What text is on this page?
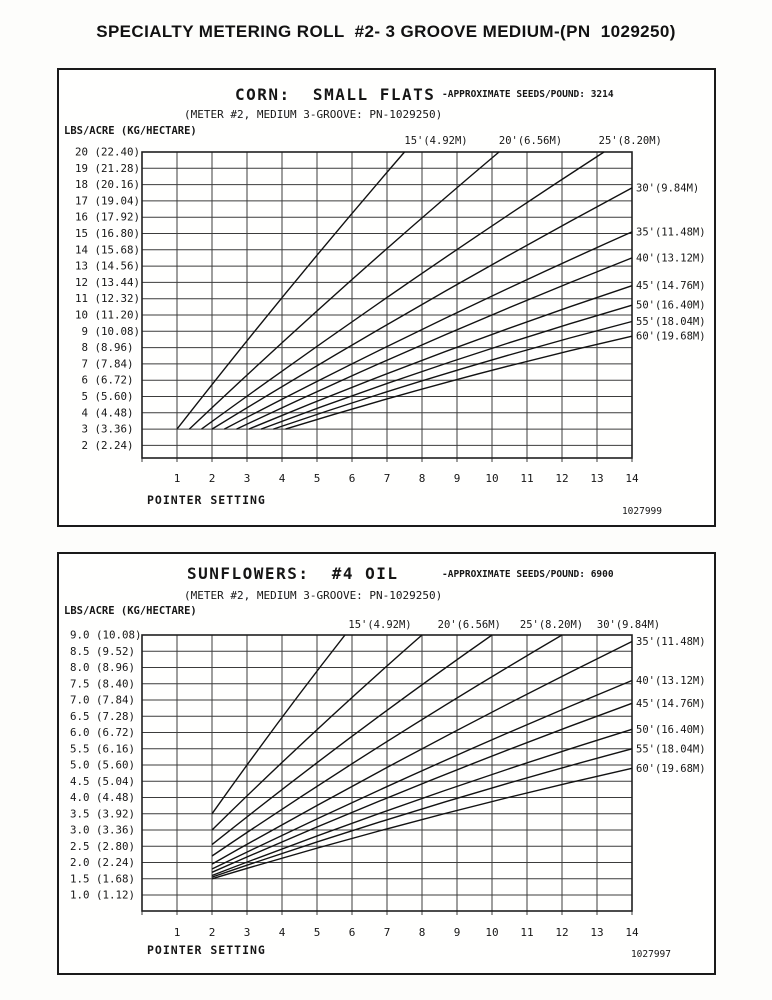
SPECIALTY METERING ROLL  #2- 3 GROOVE MEDIUM-(PN  1029250)
15'(4.92M)	20'(6.56M)	25'(8.20M)
30'(9.84M)
35'(11.48M)
40'(13.12M)
45'(14.76M)
50'(16.40M)
55'(18.04M)
60'(19.68M)
20 (22.40)
19 (21.28)
18 (20.16)
17 (19.04)
16 (17.92)
15 (16.80)
14 (15.68)
13 (14.56)
12 (13.44)
11 (12.32)
10 (11.20)
9 (10.08)
8 (8.96)
7 (7.84)
6 (6.72)
5 (5.60)
4 (4.48)
3 (3.36)
2 (2.24)
1	2	3	4	5	6	7	8	9 10 11 12 13 14
CORN:  SMALL FLATS -APPROXIMATE SEEDS/POUND: 3214
(METER #2, MEDIUM 3-GROOVE: PN-1029250)
LBS/ACRE (KG/HECTARE)
POINTER SETTING
1027999
15'(4.92M) 20'(6.56M) 25'(8.20M) 30'(9.84M)
35'(11.48M)
40'(13.12M)
45'(14.76M)
50'(16.40M)
55'(18.04M)
60'(19.68M)
9.0 (10.08)
8.5 (9.52)
8.0 (8.96)
7.5 (8.40)
7.0 (7.84)
6.5 (7.28)
6.0 (6.72)
5.5 (6.16)
5.0 (5.60)
4.5 (5.04)
4.0 (4.48)
3.5 (3.92)
3.0 (3.36)
2.5 (2.80)
2.0 (2.24)
1.5 (1.68)
1.0 (1.12)
1	2	3	4	5	6	7	8	9 10 11 12 13 14
SUNFLOWERS:  #4 OIL	-APPROXIMATE SEEDS/POUND: 6900
(METER #2, MEDIUM 3-GROOVE: PN-1029250)
LBS/ACRE (KG/HECTARE)
POINTER SETTING	1027997
